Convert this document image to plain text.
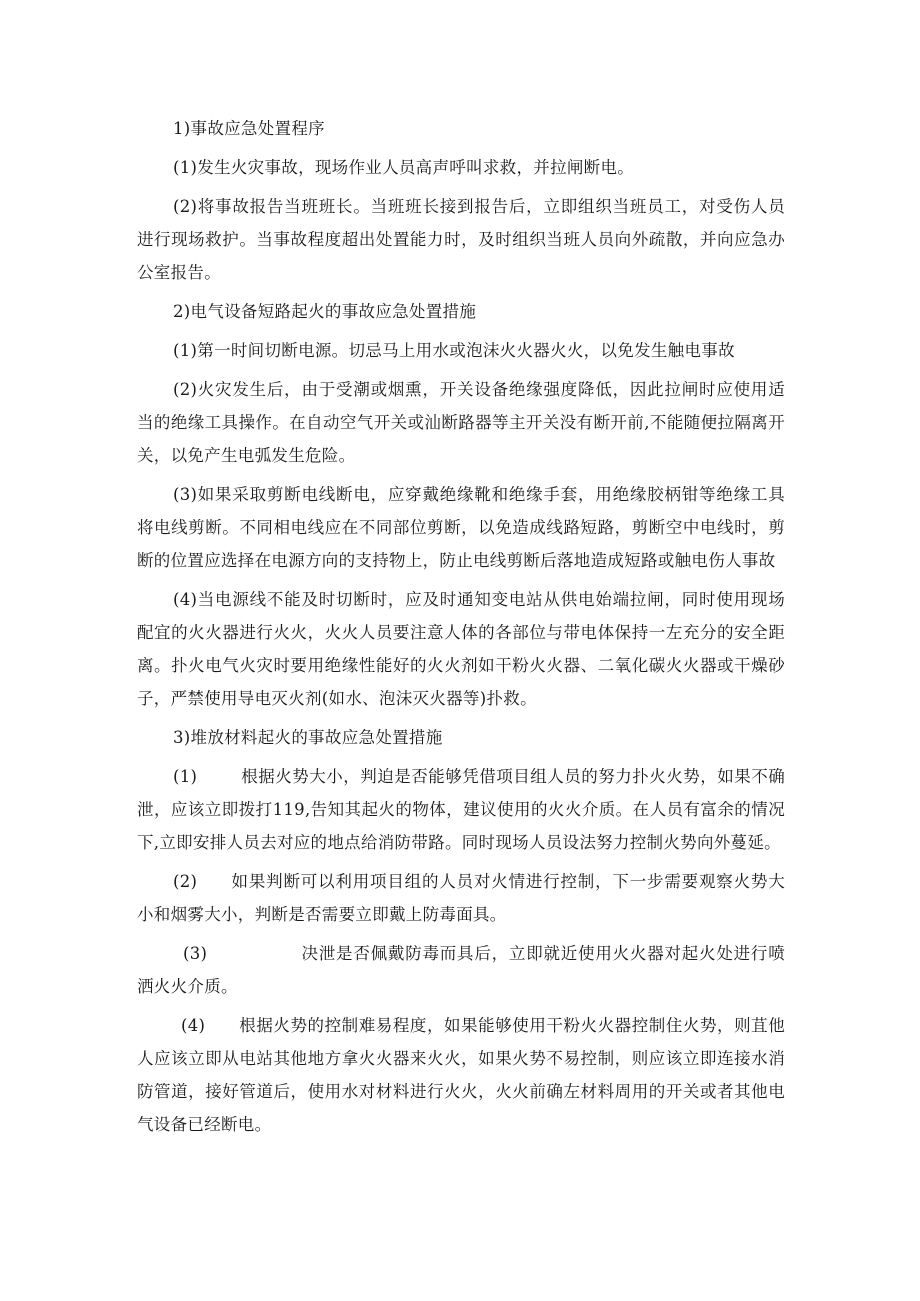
1)事故应急处置程序

(1)发生火灾事故，现场作业人员高声呼叫求救，并拉闸断电。

(2)将事故报告当班班长。当班班长接到报告后，立即组织当班员工，对受伤人员进行现场救护。当事故程度超出处置能力时，及时组织当班人员向外疏散，并向应急办公室报告。

2)电气设备短路起火的事故应急处置措施

(1)第一时间切断电源。切忌马上用水或泡沫火火器火火，以免发生触电事故

(2)火灾发生后，由于受潮或烟熏，开关设备绝缘强度降低，因此拉闸时应使用适当的绝缘工具操作。在自动空气开关或汕断路器等主开关没有断开前,不能随便拉隔离开关，以免产生电弧发生危险。

(3)如果采取剪断电线断电，应穿戴绝缘靴和绝缘手套，用绝缘胶柄钳等绝缘工具将电线剪断。不同相电线应在不同部位剪断，以免造成线路短路，剪断空中电线时，剪断的位置应选择在电源方向的支持物上，防止电线剪断后落地造成短路或触电伤人事故

(4)当电源线不能及时切断时，应及时通知变电站从供电始端拉闸，同时使用现场配宜的火火器进行火火，火火人员要注意人体的各部位与带电体保持一左充分的安全距离。扑火电气火灾时要用绝缘性能好的火火剂如干粉火火器、二氧化碳火火器或干燥砂子，严禁使用导电灭火剂(如水、泡沫灭火器等)扑救。

3)堆放材料起火的事故应急处置措施

(1)	根据火势大小，判迫是否能够凭借项目组人员的努力扑火火势，如果不确泄，应该立即拨打119,告知其起火的物体，建议使用的火火介质。在人员有富余的情况下,立即安排人员去对应的地点给消防带路。同时现场人员设法努力控制火势向外蔓延。

(2) 如果判断可以利用项目组的人员对火情进行控制，下一步需要观察火势大小和烟雾大小，判断是否需要立即戴上防毒面具。

(3)	决泄是否佩戴防毒而具后，立即就近使用火火器对起火处进行喷洒火火介质。

(4) 根据火势的控制难易程度，如果能够使用干粉火火器控制住火势，则苴他人应该立即从电站其他地方拿火火器来火火，如果火势不易控制，则应该立即连接水消防管道，接好管道后，使用水对材料进行火火，火火前确左材料周用的开关或者其他电气设备已经断电。
